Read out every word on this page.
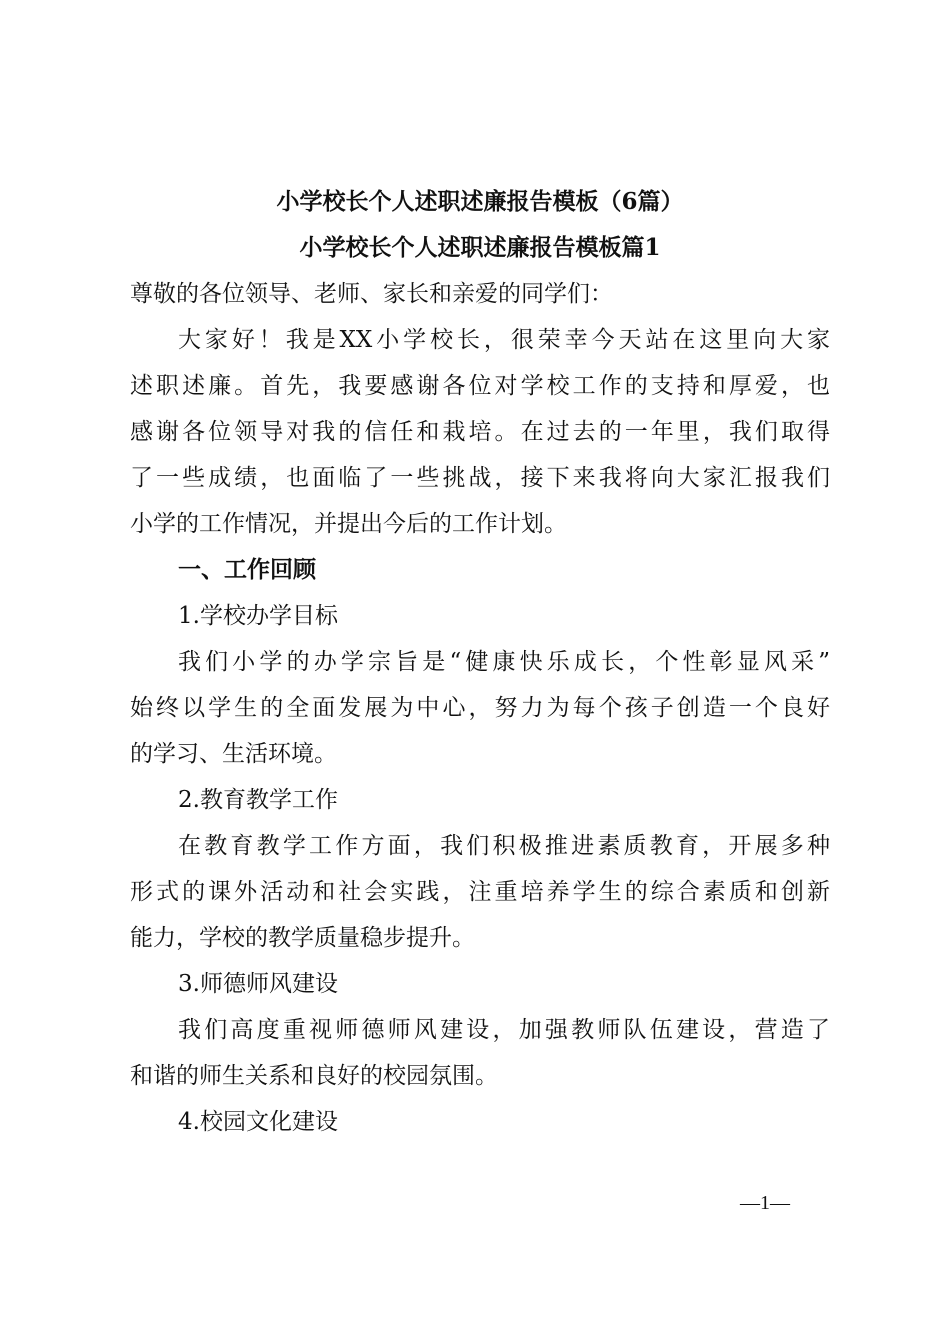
小学校长个人述职述廉报告模板（6篇）
小学校长个人述职述廉报告模板篇1
尊敬的各位领导、老师、家长和亲爱的同学们：
大家好！我是XX小学校长，很荣幸今天站在这里向大家
述职述廉。首先，我要感谢各位对学校工作的支持和厚爱，也
感谢各位领导对我的信任和栽培。在过去的一年里，我们取得
了一些成绩，也面临了一些挑战，接下来我将向大家汇报我们
小学的工作情况，并提出今后的工作计划。
一、工作回顾
1.学校办学目标
我们小学的办学宗旨是“健康快乐成长，个性彰显风采”
始终以学生的全面发展为中心，努力为每个孩子创造一个良好
的学习、生活环境。
2.教育教学工作
在教育教学工作方面，我们积极推进素质教育，开展多种
形式的课外活动和社会实践，注重培养学生的综合素质和创新
能力，学校的教学质量稳步提升。
3.师德师风建设
我们高度重视师德师风建设，加强教师队伍建设，营造了
和谐的师生关系和良好的校园氛围。
4.校园文化建设
—1—
